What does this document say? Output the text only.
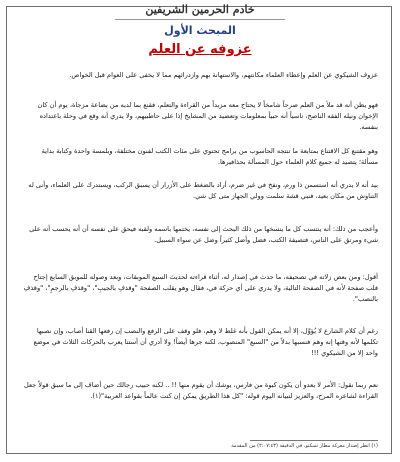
خادم الحرمين الشريفين
المبحث الأول
عزوفه عن العلم
عزوف الشيكوي عن العلم وإعطاء العلماء مكانتهم، والاستهانة بهم وازدرائهم مما لا يخفى على العوام قبل الخواص.
فهو يظن أنه قد ملأ من العلم صرحاً شامخاً لا يحتاج معه مزيداً من القراءة والتعلم، فقنع بما لديه من بضاعة مزجاة، يوم أن كان الإخوان ونيله الفقه الناصح، ناسياً أنه حبياً بمعلومات وتعضيد من المشايخ إذا على حاطبيهم، ولا يدري أنه وقع في وحلة باعتداده بنفسه.
وهو مقتنع كل الاقتناع بمتابعة ما تنتجه الحاسوب من برامج تحتوي على مئات الكتب لفنون مختلفة، وبلمسة واحدة وكتابة بداية مسألة؛ يتصيد له جميع كلام العلماء حول المسألة بحذافيرها.
بيد أنه لا يدري أنه استسمن ذا ورم، ونفخ في غير ضرم، أراد بالضغط على الأزرار أن يسبق الركب، ويستدرك على العلماء، وأنى له التناوش من مكان بعيد، فنبي قشة سلمت وولي الجهاز متى كل شي.
وأعجب من ذلك: أنه ينتسب كل ما ينسخها من ذلك البحث إلى نفسه، يختمها باسمه ولقبه فيحق على نفسه أن أنه يحسب أنه على شيء ومرتق على الناس، فتصيفة الكتب، فضل وأضل كثيراً وضل عن سواء السبيل.
أقول: ومن بعض زلاته في تصحيفه، ما حدث في إصدار له، أثناء قراءته لحديث السبع الموبقات، وبعد وصوله للموبق السابع إجتاح قلب صفحة لأنه في الصفحة التالية، ولا يدري على أي حركة في، فقال وهو يقلب الصفحة "وقذفِ بالجيبِ"، "وقذفِ بالرجمِ"، "وقذفِ بالنصب".
رغم أن كلام الشارع لا يُؤوَّل، إلا أنه يمكن القول بأنه غلط لا وهم، فلو وقف على الرفع والنصب إن رفعها القنا أصاب، وإن نصبها تكلمها لأنه وقتها إنه وهم فنسبها بدلاً من "السبع" المنصوب، لكنه جرها أيضاً! ولا أدري أن أستنا يعرب بالحركات الثلاث في موضع واحد إلا من الشيكوي !!!
نعم ربما نقول: الأمر لا يعدو أن يكون كبوة من فارس، يوشك أن يقوم منها !! .. لكنه حبيب رجالك حين أضاف إلى ما سبق قولاً جعل القراءة لشاعره المرح، والعزيز لتبيانه اليوم قوله: "كل هذا الطريق يمكن إن كنت عالماً بقواعد العربية"(١).
(١) انظر إصدار معركة مطار تمبكتو، في الدقيقة (٢:٠٧:٤٣) من المقدمة
